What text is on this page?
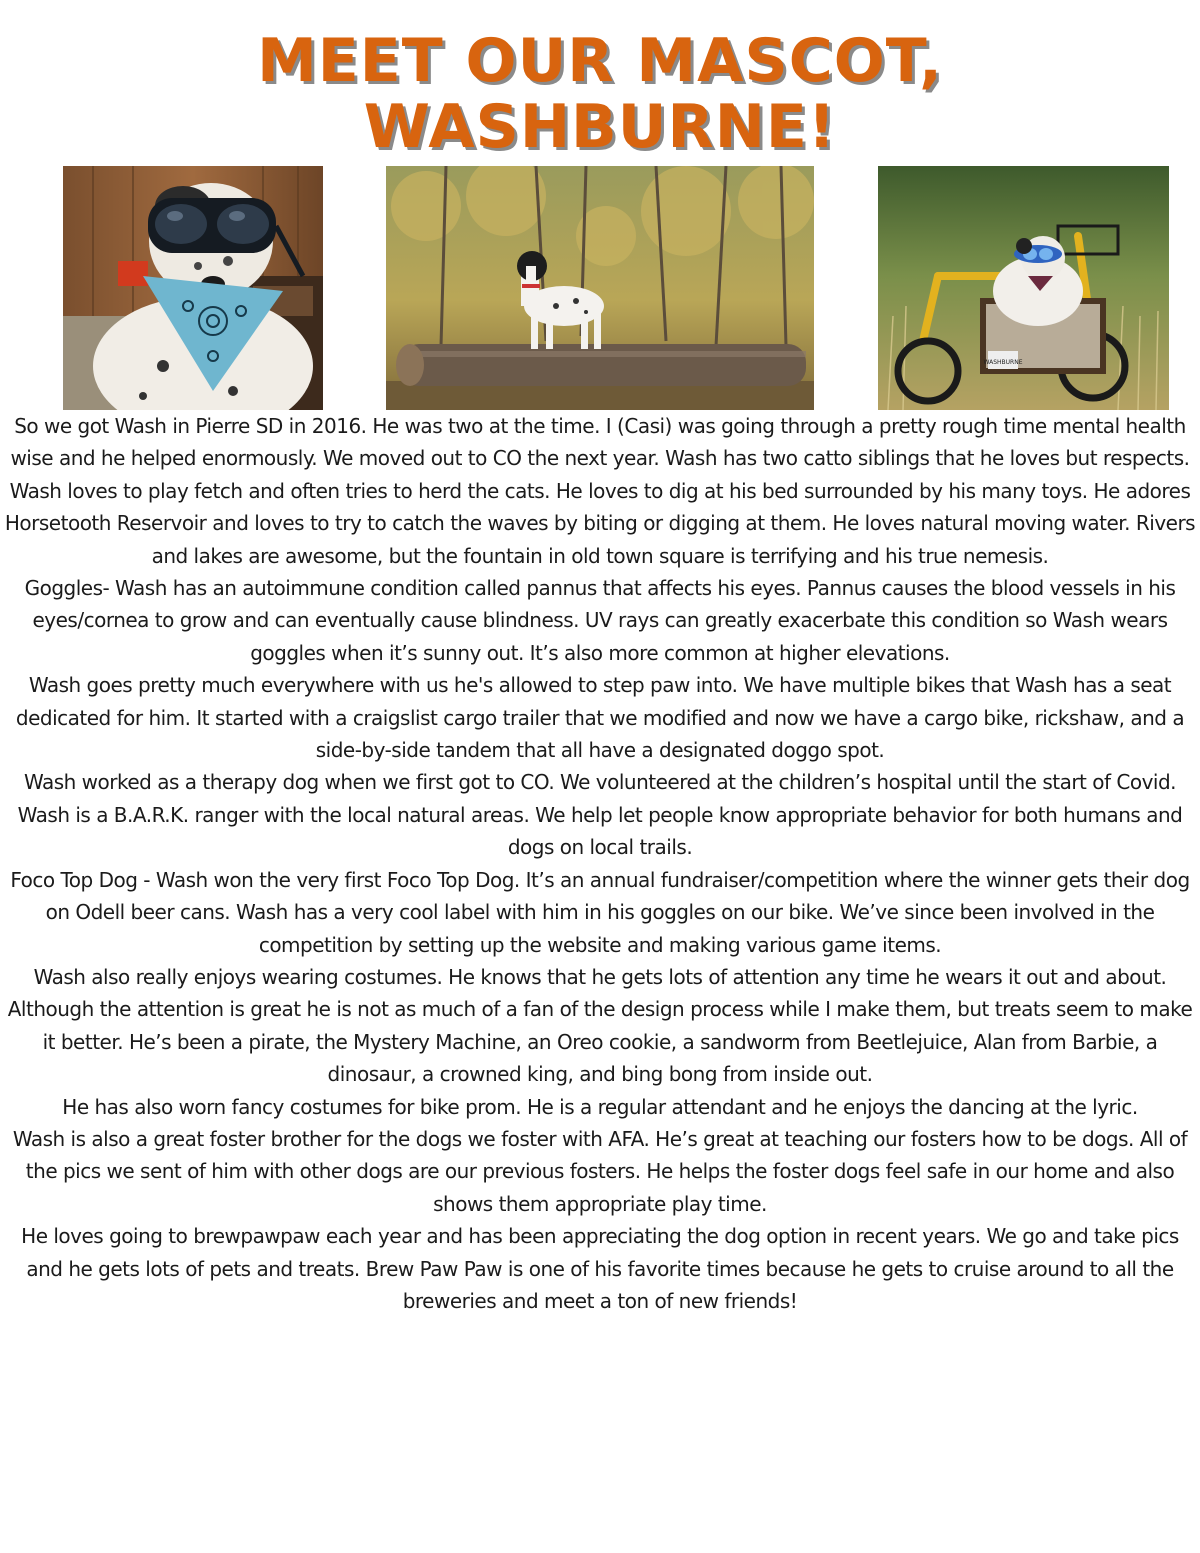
MEET OUR MASCOT,
WASHBURNE!
WASHBURNE

So we got Wash in Pierre SD in 2016. He was two at the time. I (Casi) was going through a pretty rough time mental health wise and he helped enormously. We moved out to CO the next year. Wash has two catto siblings that he loves but respects.

Wash loves to play fetch and often tries to herd the cats. He loves to dig at his bed surrounded by his many toys. He adores Horsetooth Reservoir and loves to try to catch the waves by biting or digging at them. He loves natural moving water. Rivers and lakes are awesome, but the fountain in old town square is terrifying and his true nemesis.

Goggles- Wash has an autoimmune condition called pannus that affects his eyes. Pannus causes the blood vessels in his eyes/cornea to grow and can eventually cause blindness. UV rays can greatly exacerbate this condition so Wash wears goggles when it’s sunny out. It’s also more common at higher elevations.

Wash goes pretty much everywhere with us he's allowed to step paw into. We have multiple bikes that Wash has a seat dedicated for him. It started with a craigslist cargo trailer that we modified and now we have a cargo bike, rickshaw, and a side-by-side tandem that all have a designated doggo spot.

Wash worked as a therapy dog when we first got to CO. We volunteered at the children’s hospital until the start of Covid.

Wash is a B.A.R.K. ranger with the local natural areas. We help let people know appropriate behavior for both humans and dogs on local trails.

Foco Top Dog - Wash won the very first Foco Top Dog. It’s an annual fundraiser/competition where the winner gets their dog on Odell beer cans. Wash has a very cool label with him in his goggles on our bike. We’ve since been involved in the competition by setting up the website and making various game items.

Wash also really enjoys wearing costumes. He knows that he gets lots of attention any time he wears it out and about. Although the attention is great he is not as much of a fan of the design process while I make them, but treats seem to make it better. He’s been a pirate, the Mystery Machine, an Oreo cookie, a sandworm from Beetlejuice, Alan from Barbie, a dinosaur, a crowned king, and bing bong from inside out.

He has also worn fancy costumes for bike prom. He is a regular attendant and he enjoys the dancing at the lyric.

Wash is also a great foster brother for the dogs we foster with AFA. He’s great at teaching our fosters how to be dogs. All of the pics we sent of him with other dogs are our previous fosters. He helps the foster dogs feel safe in our home and also shows them appropriate play time.

He loves going to brewpawpaw each year and has been appreciating the dog option in recent years. We go and take pics and he gets lots of pets and treats. Brew Paw Paw is one of his favorite times because he gets to cruise around to all the breweries and meet a ton of new friends!
